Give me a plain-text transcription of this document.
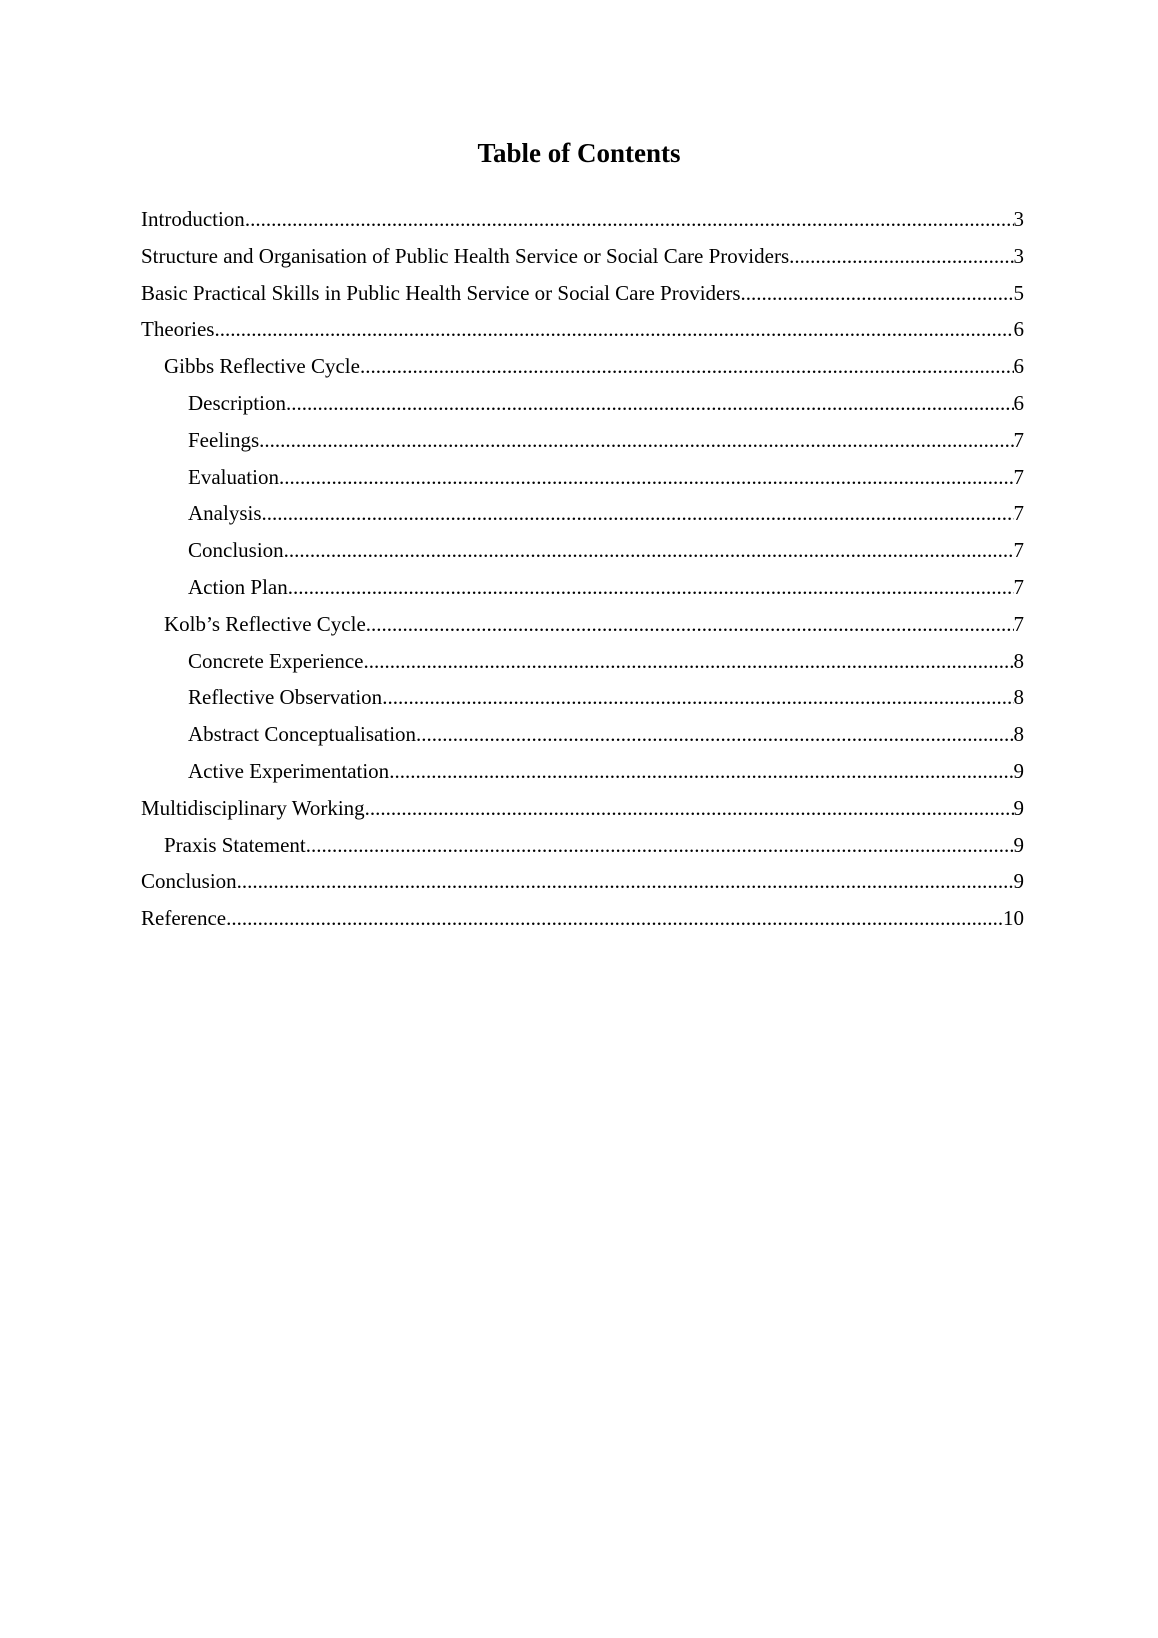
Table of Contents
Introduction .....	3
Structure and Organisation of Public Health Service or Social Care Providers .....	3
Basic Practical Skills in Public Health Service or Social Care Providers .....	5
Theories .....	6
Gibbs Reflective Cycle .....	6
Description .....	6
Feelings .....	7
Evaluation .....	7
Analysis .....	7
Conclusion .....	7
Action Plan .....	7
Kolb’s Reflective Cycle .....	7
Concrete Experience .....	8
Reflective Observation .....	8
Abstract Conceptualisation .....	8
Active Experimentation .....	9
Multidisciplinary Working .....	9
Praxis Statement .....	9
Conclusion .....	9
Reference .....	10
